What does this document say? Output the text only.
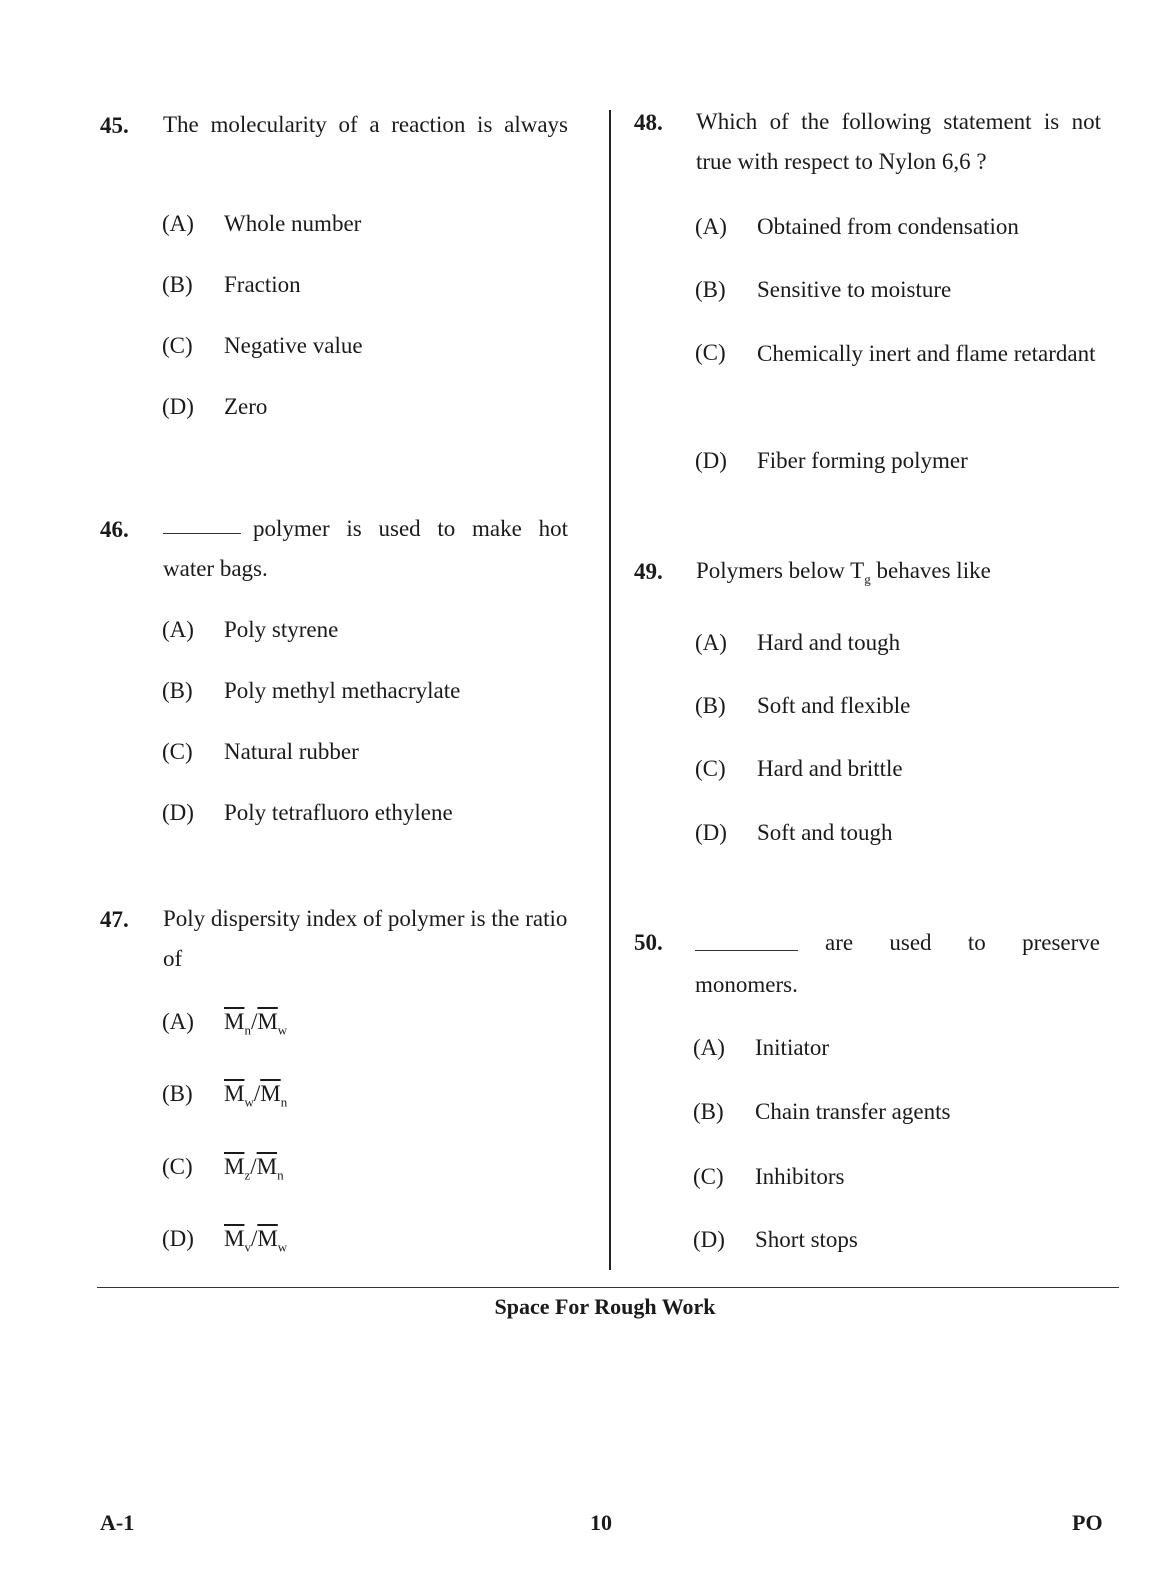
45. The molecularity of a reaction is always
(A) Whole number
(B) Fraction
(C) Negative value
(D) Zero
46.	polymer is used to make hot water bags.
(A) Poly styrene
(B) Poly methyl methacrylate
(C) Natural rubber
(D) Poly tetrafluoro ethylene
47. Poly dispersity index of polymer is the ratio of
(A) $\overline{M}_n/\overline{M}_w$
(B) $\overline{M}_w/\overline{M}_n$
(C) $\overline{M}_z/\overline{M}_n$
(D) $\overline{M}_v/\overline{M}_w$
48. Which of the following statement is not true with respect to Nylon 6,6 ?
(A) Obtained from condensation
(B) Sensitive to moisture
(C)	Chemically inert and flame retardant
(D) Fiber forming polymer
49. Polymers below $T_g$ behaves like
(A) Hard and tough
(B) Soft and flexible
(C) Hard and brittle
(D) Soft and tough
50.	are used to preserve monomers.
(A) Initiator
(B) Chain transfer agents
(C) Inhibitors
(D) Short stops
Space For Rough Work
A-1	10	PO
